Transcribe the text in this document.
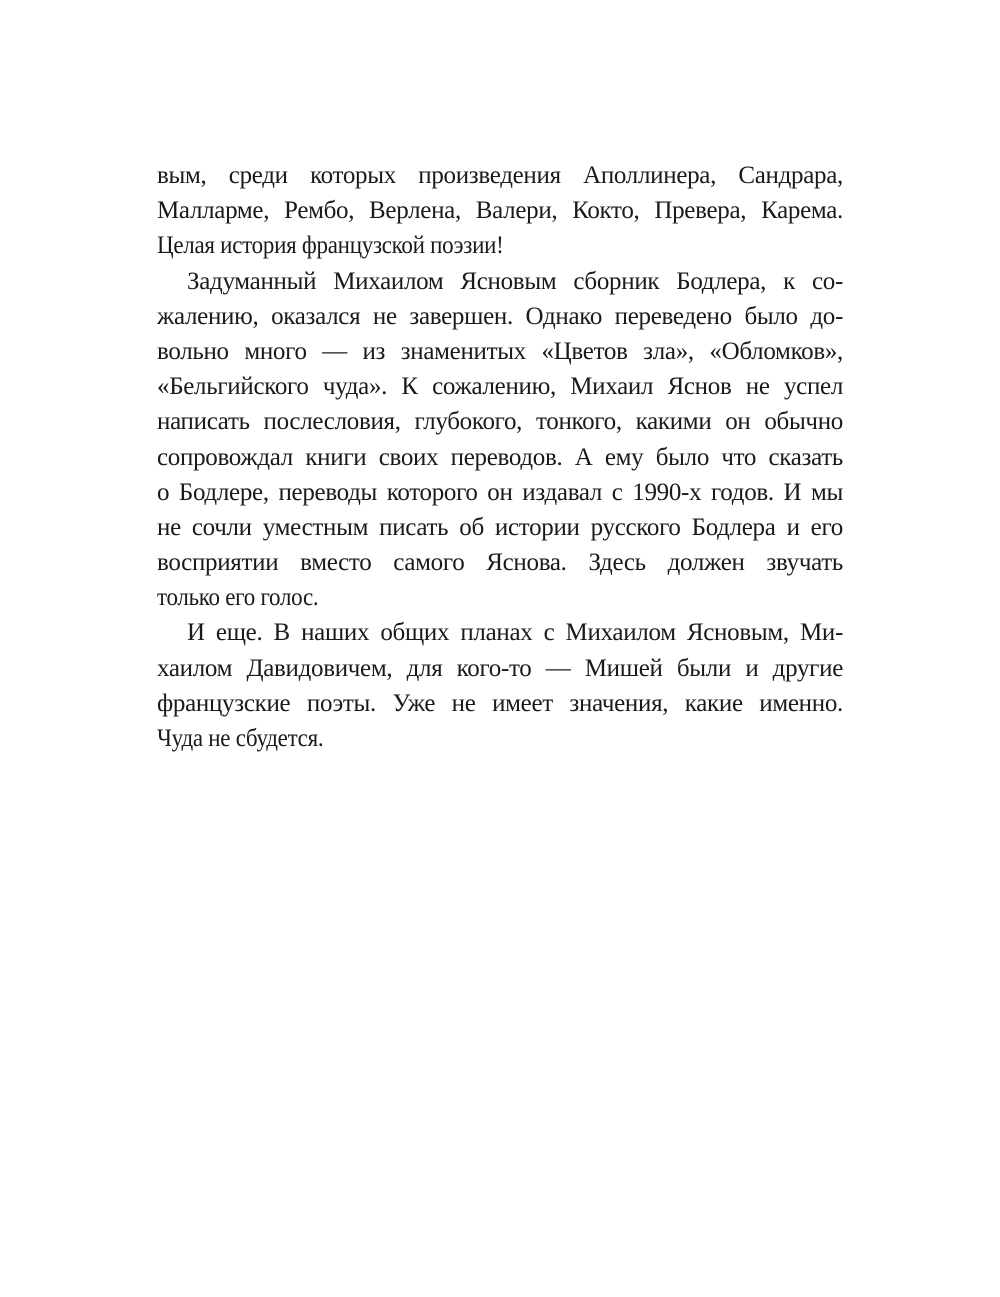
вым, среди которых произведения Аполлинера, Сандрара,
Малларме, Рембо, Верлена, Валери, Кокто, Превера, Карема.
Целая история французской поэзии!
Задуманный Михаилом Ясновым сборник Бодлера, к со-
жалению, оказался не завершен. Однако переведено было до-
вольно много — из знаменитых «Цветов зла», «Обломков»,
«Бельгийского чуда». К сожалению, Михаил Яснов не успел
написать послесловия, глубокого, тонкого, какими он обычно
сопровождал книги своих переводов. А ему было что сказать
о Бодлере, переводы которого он издавал с 1990-х годов. И мы
не сочли уместным писать об истории русского Бодлера и его
восприятии вместо самого Яснова. Здесь должен звучать
только его голос.
И еще. В наших общих планах с Михаилом Ясновым, Ми-
хаилом Давидовичем, для кого-то — Мишей были и другие
французские поэты. Уже не имеет значения, какие именно.
Чуда не сбудется.
